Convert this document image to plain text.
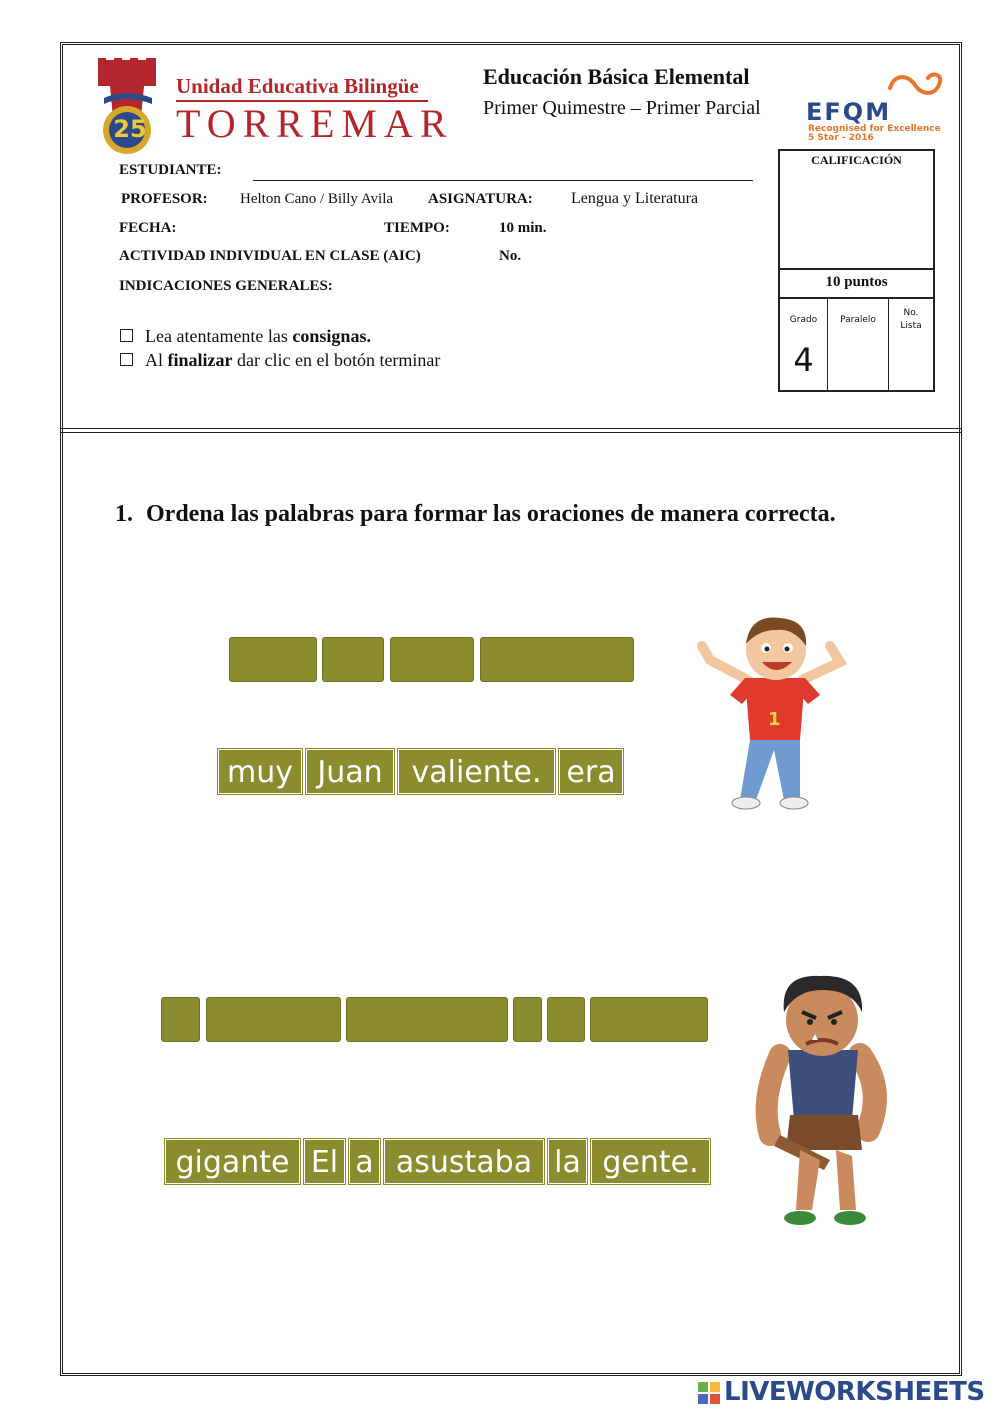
25
Unidad Educativa Bilingüe
TORREMAR
Educación Básica Elemental
Primer Quimestre – Primer Parcial EFQM
Recognised for Excellence
5 Star - 2016
ESTUDIANTE:
PROFESOR: Helton Cano / Billy Avila ASIGNATURA: Lengua y Literatura
FECHA:	TIEMPO:	10 min.
ACTIVIDAD INDIVIDUAL EN CLASE (AIC)	No.
INDICACIONES GENERALES:
Lea atentamente las consignas.
Al finalizar dar clic en el botón terminar
CALIFICACIÓN
10 puntos
Grado	Paralelo
No. Lista
4
1. Ordena las palabras para formar las oraciones de manera correcta.
muy Juan valiente. era
1
gigante El a asustaba la gente.
LIVEWORKSHEETS
